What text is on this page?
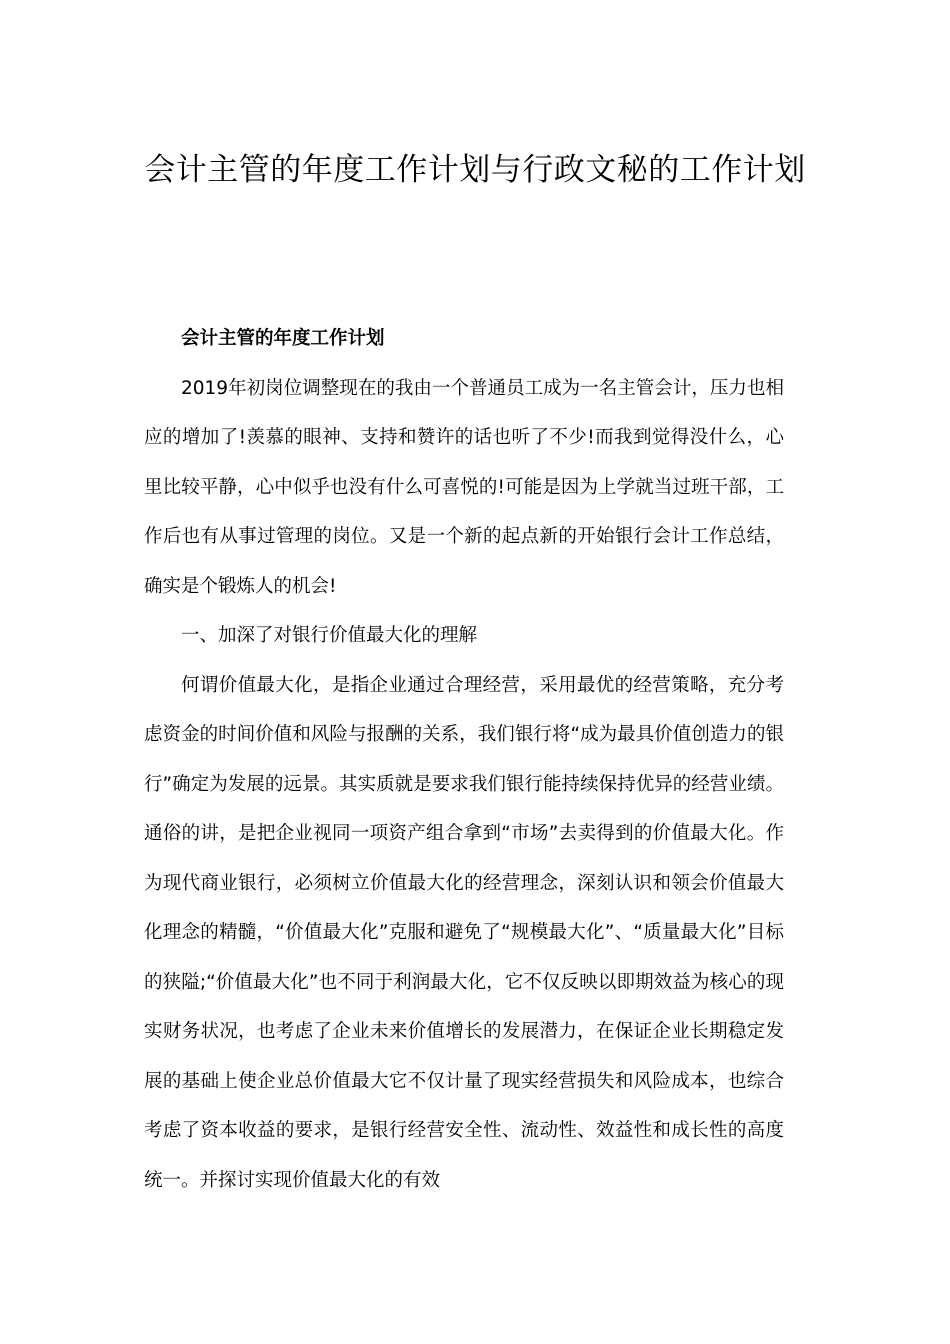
会计主管的年度工作计划与行政文秘的工作计划

会计主管的年度工作计划

2019年初岗位调整现在的我由一个普通员工成为一名主管会计，压力也相应的增加了!羡慕的眼神、支持和赞许的话也听了不少!而我到觉得没什么，心里比较平静，心中似乎也没有什么可喜悦的!可能是因为上学就当过班干部，工作后也有从事过管理的岗位。又是一个新的起点新的开始银行会计工作总结，确实是个锻炼人的机会!

一、加深了对银行价值最大化的理解

何谓价值最大化，是指企业通过合理经营，采用最优的经营策略，充分考虑资金的时间价值和风险与报酬的关系，我们银行将“成为最具价值创造力的银行”确定为发展的远景。其实质就是要求我们银行能持续保持优异的经营业绩。通俗的讲，是把企业视同一项资产组合拿到“市场”去卖得到的价值最大化。作为现代商业银行，必须树立价值最大化的经营理念，深刻认识和领会价值最大化理念的精髓，“价值最大化”克服和避免了“规模最大化”、“质量最大化”目标的狭隘;“价值最大化”也不同于利润最大化，它不仅反映以即期效益为核心的现实财务状况，也考虑了企业未来价值增长的发展潜力，在保证企业长期稳定发展的基础上使企业总价值最大它不仅计量了现实经营损失和风险成本，也综合考虑了资本收益的要求，是银行经营安全性、流动性、效益性和成长性的高度统一。并探讨实现价值最大化的有效
